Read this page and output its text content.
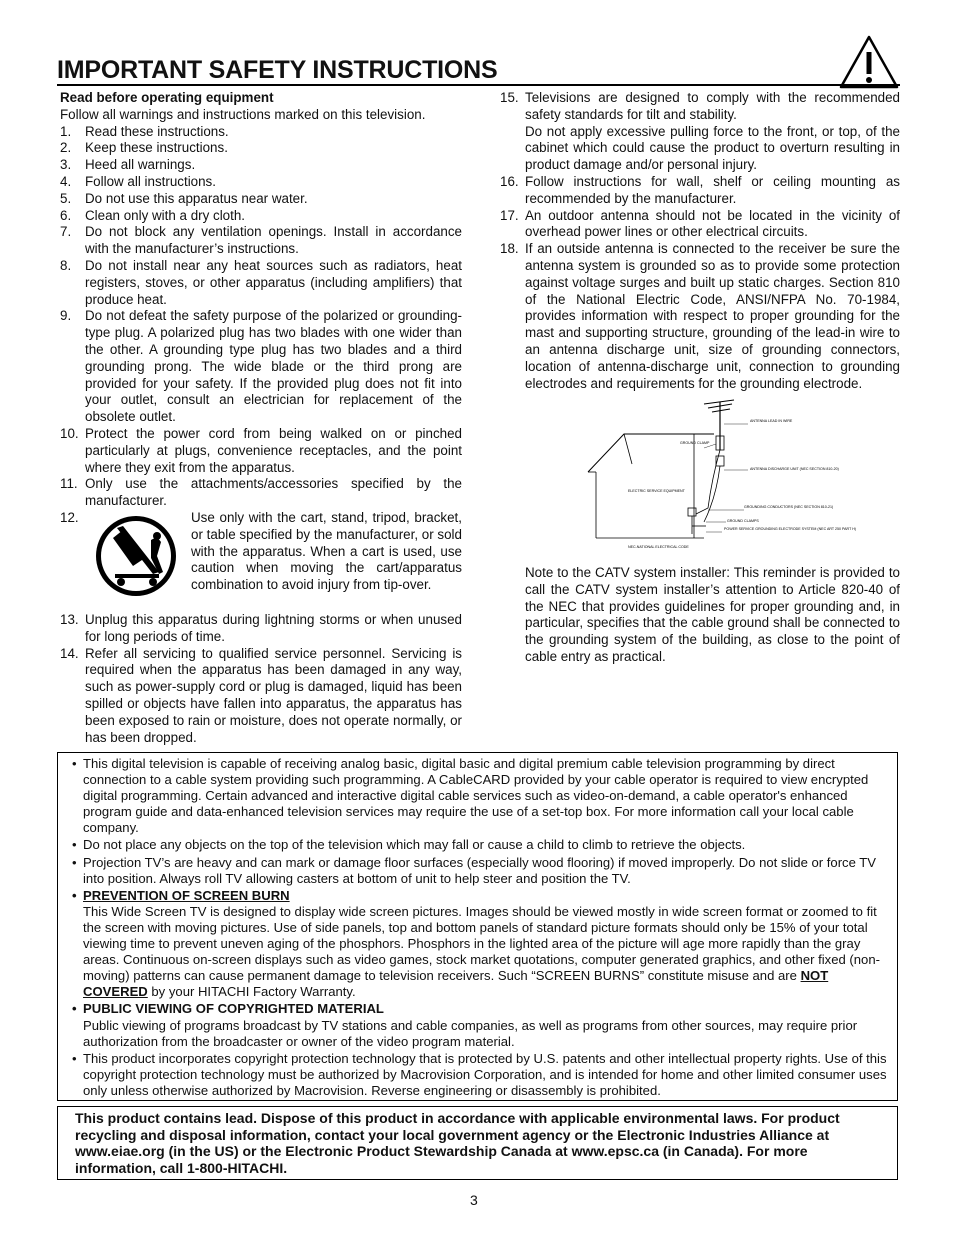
IMPORTANT SAFETY INSTRUCTIONS
Read before operating equipment
Follow all warnings and instructions marked on this television.
1.	Read these instructions.
2.	Keep these instructions.
3.	Heed all warnings.
4.	Follow all instructions.
5.	Do not use this apparatus near water.
6.	Clean only with a dry cloth.
7.	Do not block any ventilation openings. Install in accordance with the manufacturer’s instructions.
8.	Do not install near any heat sources such as radiators, heat registers, stoves, or other apparatus (including amplifiers) that produce heat.
9.	Do not defeat the safety purpose of the polarized or grounding-type plug. A polarized plug has two blades with one wider than the other. A grounding type plug has two blades and a third grounding prong. The wide blade or the third prong are provided for your safety. If the provided plug does not fit into your outlet, consult an electrician for replacement of the obsolete outlet.
10. Protect the power cord from being walked on or pinched particularly at plugs, convenience receptacles, and the point where they exit from the apparatus.
11. Only use the attachments/accessories specified by the manufacturer.
12.	Use only with the cart, stand, tripod, bracket, or table specified by the manufacturer, or sold with the apparatus. When a cart is used, use caution when moving the cart/apparatus combination to avoid injury from tip-over.
13. Unplug this apparatus during lightning storms or when unused for long periods of time.
14. Refer all servicing to qualified service personnel. Servicing is required when the apparatus has been damaged in any way, such as power-supply cord or plug is damaged, liquid has been spilled or objects have fallen into apparatus, the apparatus has been exposed to rain or moisture, does not operate normally, or has been dropped.
15. Televisions are designed to comply with the recommended safety standards for tilt and stability.

Do not apply excessive pulling force to the front, or top, of the cabinet which could cause the product to overturn resulting in product damage and/or personal injury.

16. Follow instructions for wall, shelf or ceiling mounting as recommended by the manufacturer.
17. An outdoor antenna should not be located in the vicinity of overhead power lines or other electrical circuits.
18. If an outside antenna is connected to the receiver be sure the antenna system is grounded so as to provide some protection against voltage surges and built up static charges. Section 810 of the National Electric Code, ANSI/NFPA No. 70-1984, provides information with respect to proper grounding for the mast and supporting structure, grounding of the lead-in wire to an antenna discharge unit, size of grounding connectors, location of antenna-discharge unit, connection to grounding electrodes and requirements for the grounding electrode.
ANTENNA LEAD IN WIRE
GROUND CLAMP
ANTENNA DISCHARGE UNIT (NEC SECTION 810-20)
ELECTRIC SERVICE EQUIPMENT
GROUNDING CONDUCTORS (NEC SECTION 810-21)
GROUND CLAMPS
POWER SERVICE GROUNDING ELECTRODE SYSTEM (NEC ART 250 PART H)
NEC-NATIONAL ELECTRICAL CODE
Note to the CATV system installer: This reminder is provided to call the CATV system installer’s attention to Article 820-40 of the NEC that provides guidelines for proper grounding and, in particular, specifies that the cable ground shall be connected to the grounding system of the building, as close to the point of cable entry as practical.
• This digital television is capable of receiving analog basic, digital basic and digital premium cable television programming by direct connection to a cable system providing such programming. A CableCARD provided by your cable operator is required to view encrypted digital programming. Certain advanced and interactive digital cable services such as video-on-demand, a cable operator's enhanced program guide and data-enhanced television services may require the use of a set-top box. For more information call your local cable company.
• Do not place any objects on the top of the television which may fall or cause a child to climb to retrieve the objects.
• Projection TV’s are heavy and can mark or damage floor surfaces (especially wood flooring) if moved improperly. Do not slide or force TV into position. Always roll TV allowing casters at bottom of unit to help steer and position the TV.
• PREVENTION OF SCREEN BURN
This Wide Screen TV is designed to display wide screen pictures. Images should be viewed mostly in wide screen format or zoomed to fit the screen with moving pictures. Use of side panels, top and bottom panels of standard picture formats should only be 15% of your total viewing time to prevent uneven aging of the phosphors. Phosphors in the lighted area of the picture will age more rapidly than the gray areas. Continuous on-screen displays such as video games, stock market quotations, computer generated graphics, and other fixed (non-moving) patterns can cause permanent damage to television receivers. Such “SCREEN BURNS” constitute misuse and are NOT COVERED by your HITACHI Factory Warranty.
• PUBLIC VIEWING OF COPYRIGHTED MATERIAL
Public viewing of programs broadcast by TV stations and cable companies, as well as programs from other sources, may require prior authorization from the broadcaster or owner of the video program material.
• This product incorporates copyright protection technology that is protected by U.S. patents and other intellectual property rights. Use of this copyright protection technology must be authorized by Macrovision Corporation, and is intended for home and other limited consumer uses only unless otherwise authorized by Macrovision. Reverse engineering or disassembly is prohibited.
This product contains lead. Dispose of this product in accordance with applicable environmental laws. For product recycling and disposal information, contact your local government agency or the Electronic Industries Alliance at www.eiae.org (in the US) or the Electronic Product Stewardship Canada at www.epsc.ca (in Canada). For more information, call 1-800-HITACHI.
3
